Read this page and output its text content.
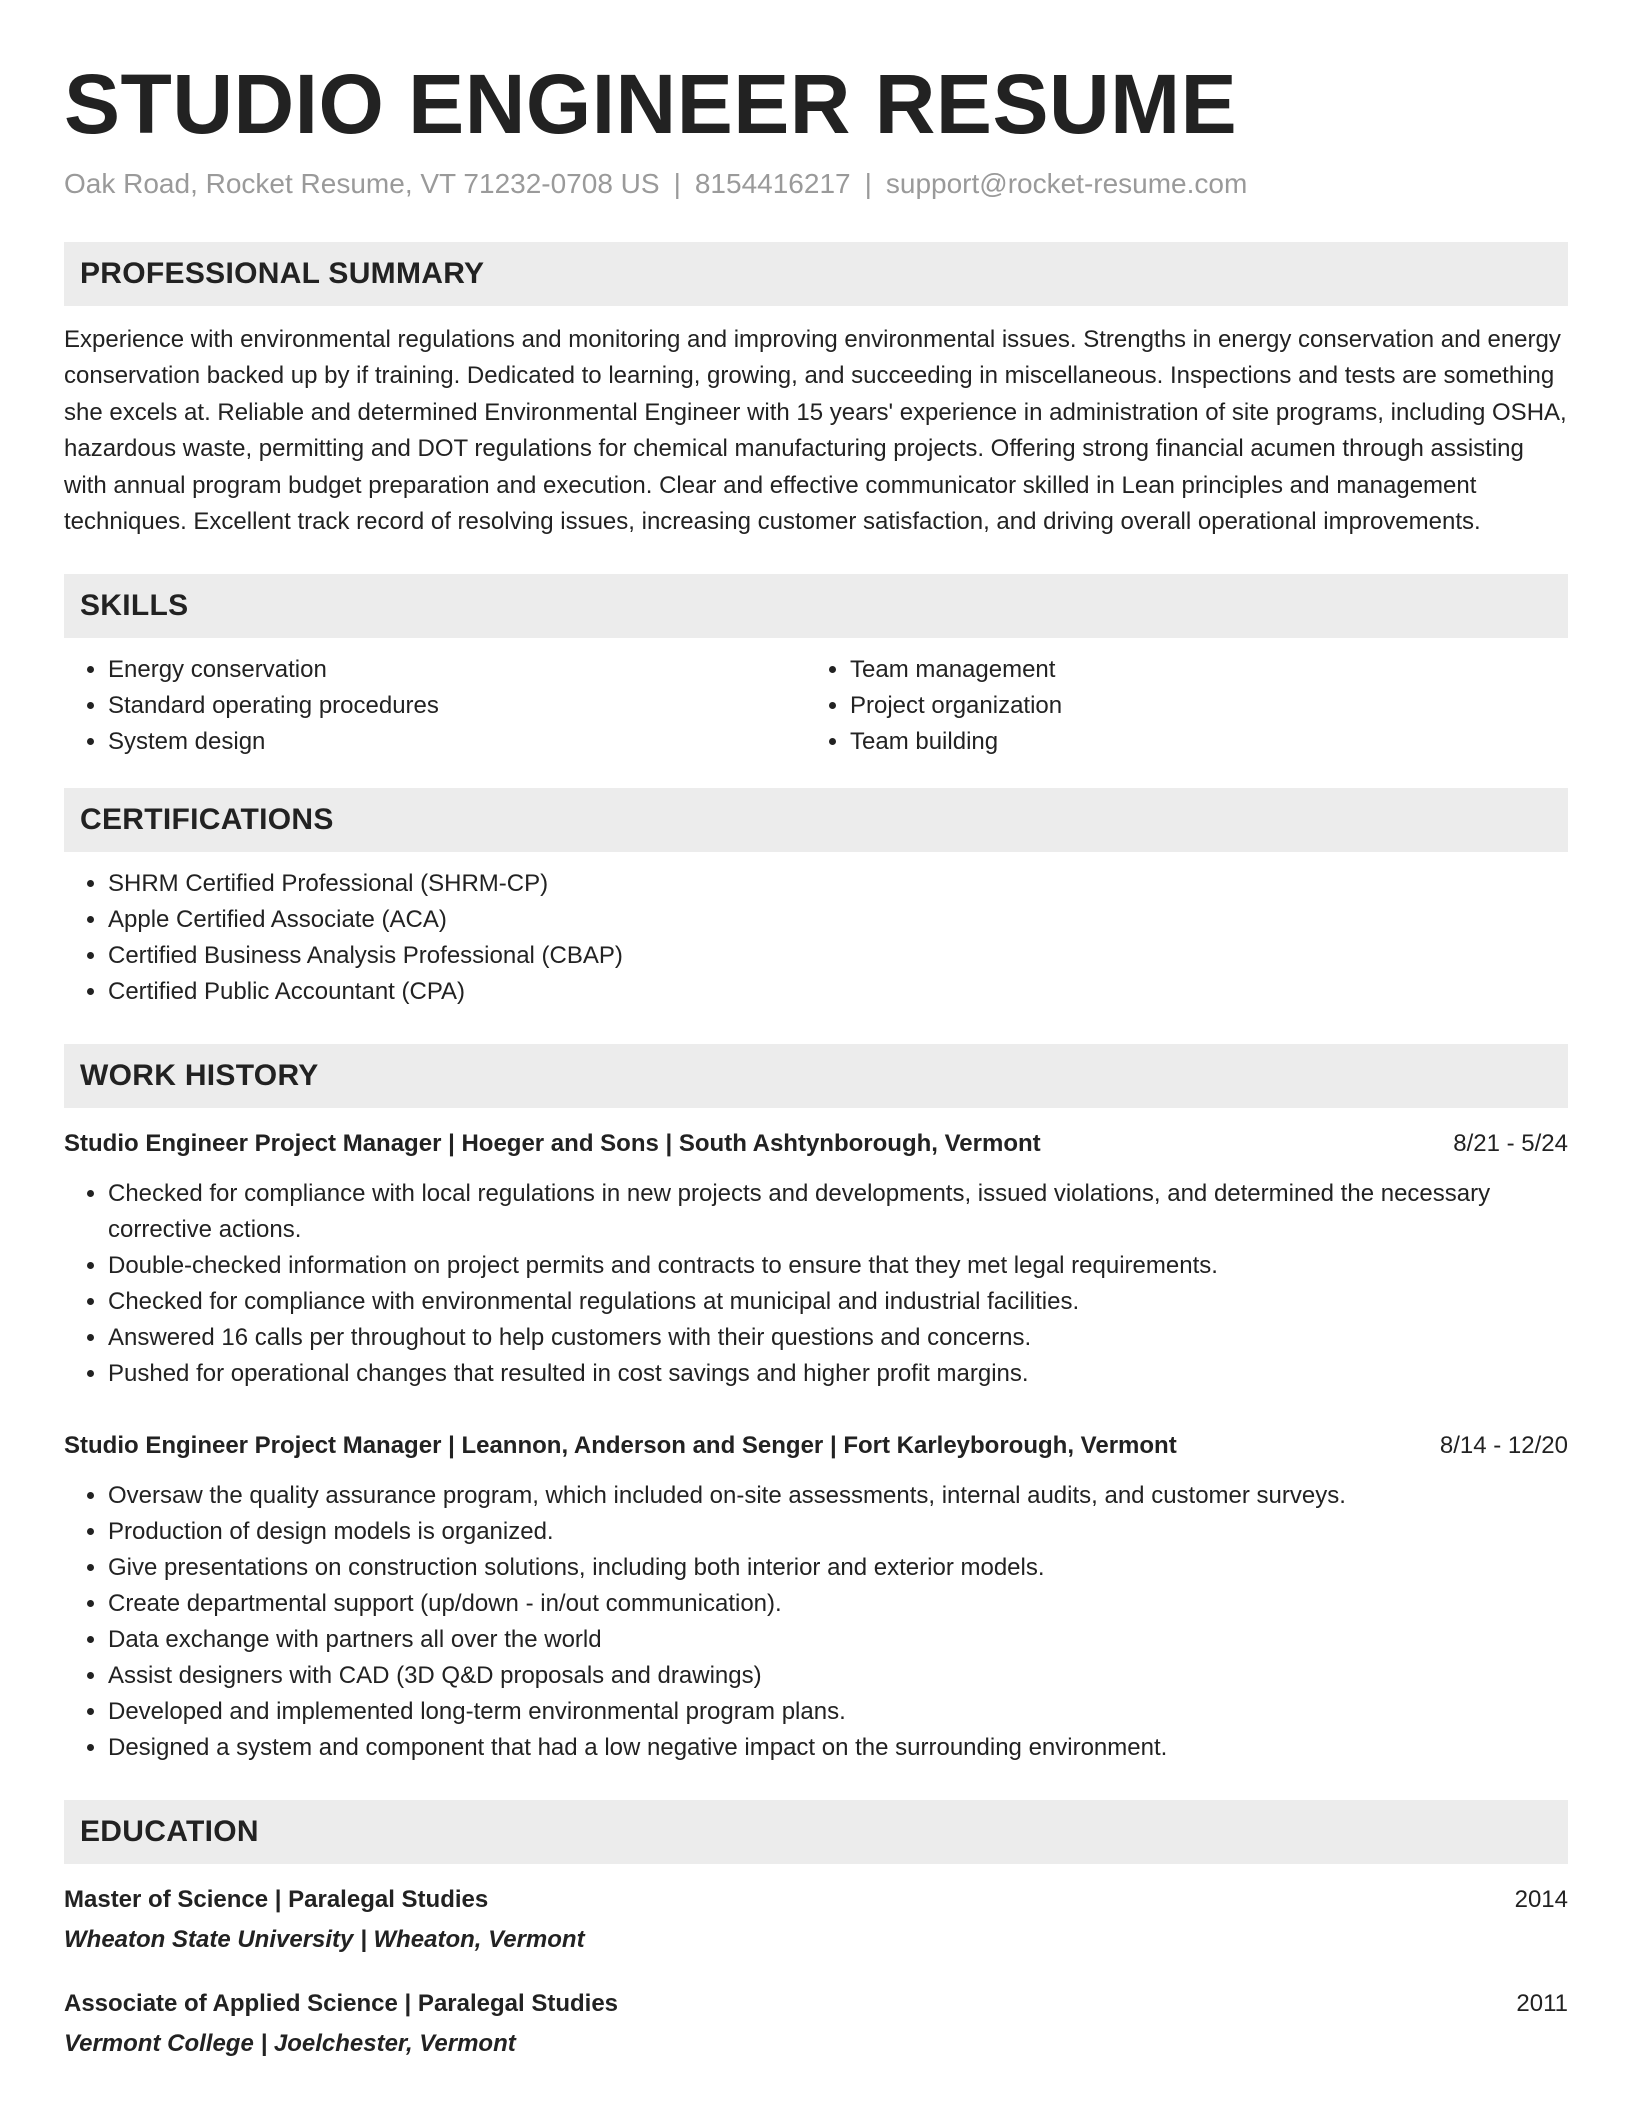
STUDIO ENGINEER RESUME
Oak Road, Rocket Resume, VT 71232-0708 US | 8154416217 | support@rocket-resume.com
PROFESSIONAL SUMMARY

Experience with environmental regulations and monitoring and improving environmental issues. Strengths in energy conservation and energy conservation backed up by if training. Dedicated to learning, growing, and succeeding in miscellaneous. Inspections and tests are something she excels at. Reliable and determined Environmental Engineer with 15 years' experience in administration of site programs, including OSHA, hazardous waste, permitting and DOT regulations for chemical manufacturing projects. Offering strong financial acumen through assisting with annual program budget preparation and execution. Clear and effective communicator skilled in Lean principles and management techniques. Excellent track record of resolving issues, increasing customer satisfaction, and driving overall operational improvements.

SKILLS
• Energy conservation
• Standard operating procedures
• System design
• Team management
• Project organization
• Team building
CERTIFICATIONS
• SHRM Certified Professional (SHRM-CP)
• Apple Certified Associate (ACA)
• Certified Business Analysis Professional (CBAP)
• Certified Public Accountant (CPA)
WORK HISTORY
Studio Engineer Project Manager | Hoeger and Sons | South Ashtynborough, Vermont	8/21 - 5/24
• Checked for compliance with local regulations in new projects and developments, issued violations, and determined the necessary corrective actions.
• Double-checked information on project permits and contracts to ensure that they met legal requirements.
• Checked for compliance with environmental regulations at municipal and industrial facilities.
• Answered 16 calls per throughout to help customers with their questions and concerns.
• Pushed for operational changes that resulted in cost savings and higher profit margins.
Studio Engineer Project Manager | Leannon, Anderson and Senger | Fort Karleyborough, Vermont	8/14 - 12/20
• Oversaw the quality assurance program, which included on-site assessments, internal audits, and customer surveys.
• Production of design models is organized.
• Give presentations on construction solutions, including both interior and exterior models.
• Create departmental support (up/down - in/out communication).
• Data exchange with partners all over the world
• Assist designers with CAD (3D Q&D proposals and drawings)
• Developed and implemented long-term environmental program plans.
• Designed a system and component that had a low negative impact on the surrounding environment.
EDUCATION
Master of Science | Paralegal Studies	2014
Wheaton State University | Wheaton, Vermont
Associate of Applied Science | Paralegal Studies	2011
Vermont College | Joelchester, Vermont
